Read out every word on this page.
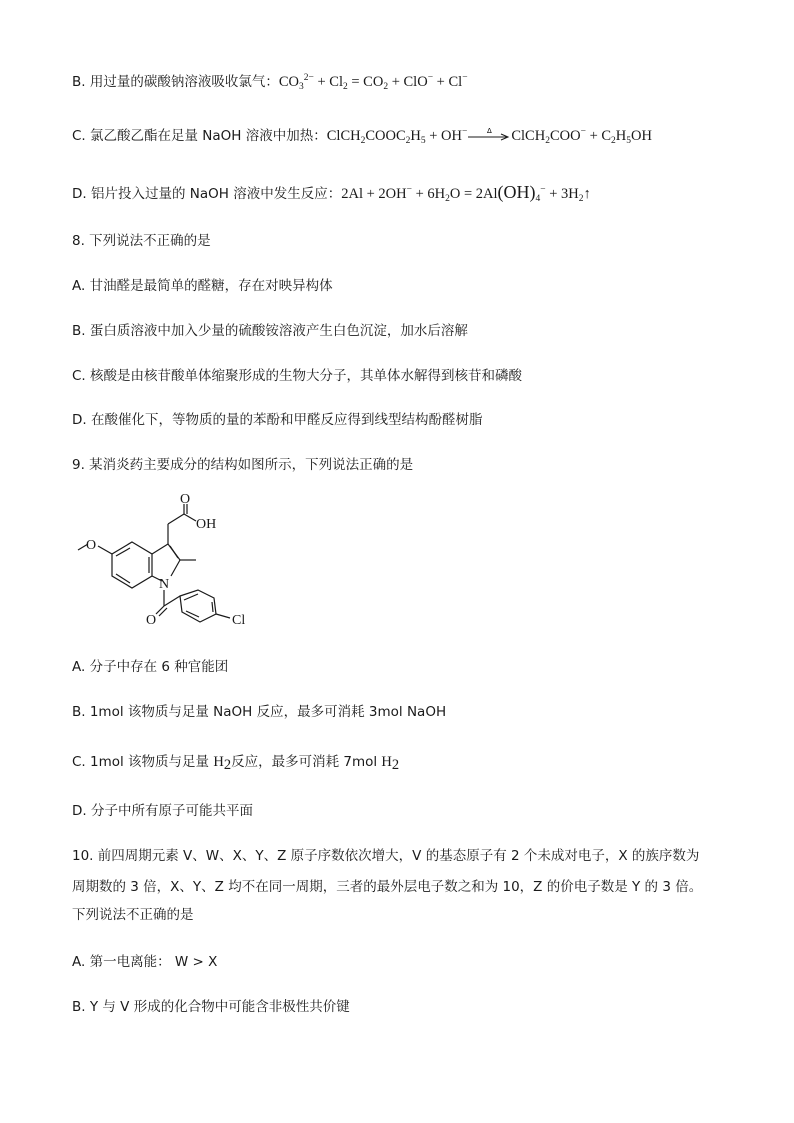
B. 用过量的碳酸钠溶液吸收氯气：$CO_3^{2-} + Cl_2 = CO_2 + ClO^- + Cl^-$
C. 氯乙酸乙酯在足量 NaOH 溶液中加热：$ClCH_2COOC_2H_5 + OH^-$	Δ ClCH$_2$COO− + $C_2H_5OH$
D. 铝片投入过量的 NaOH 溶液中发生反应：$2Al + 2OH^- + 6H_2O = 2Al(OH)_4^-$ + $3H_2↑$
8. 下列说法不正确的是
A. 甘油醛是最简单的醛糖，存在对映异构体
B. 蛋白质溶液中加入少量的硫酸铵溶液产生白色沉淀，加水后溶解
C. 核酸是由核苷酸单体缩聚形成的生物大分子，其单体水解得到核苷和磷酸
D. 在酸催化下，等物质的量的苯酚和甲醛反应得到线型结构酚醛树脂
9. 某消炎药主要成分的结构如图所示，下列说法正确的是
O
OH
O
N
O	Cl
A. 分子中存在 6 种官能团
B. 1mol 该物质与足量 NaOH 反应，最多可消耗 3mol NaOH
C. 1mol 该物质与足量 $H_2$反应，最多可消耗 7mol $H_2$
D. 分子中所有原子可能共平面
10. 前四周期元素 V、W、X、Y、Z 原子序数依次增大，V 的基态原子有 2 个未成对电子，X 的族序数为
周期数的 3 倍，X、Y、Z 均不在同一周期，三者的最外层电子数之和为 10，Z 的价电子数是 Y 的 3 倍。
下列说法不正确的是
A. 第一电离能： W > X
B. Y 与 V 形成的化合物中可能含非极性共价键
